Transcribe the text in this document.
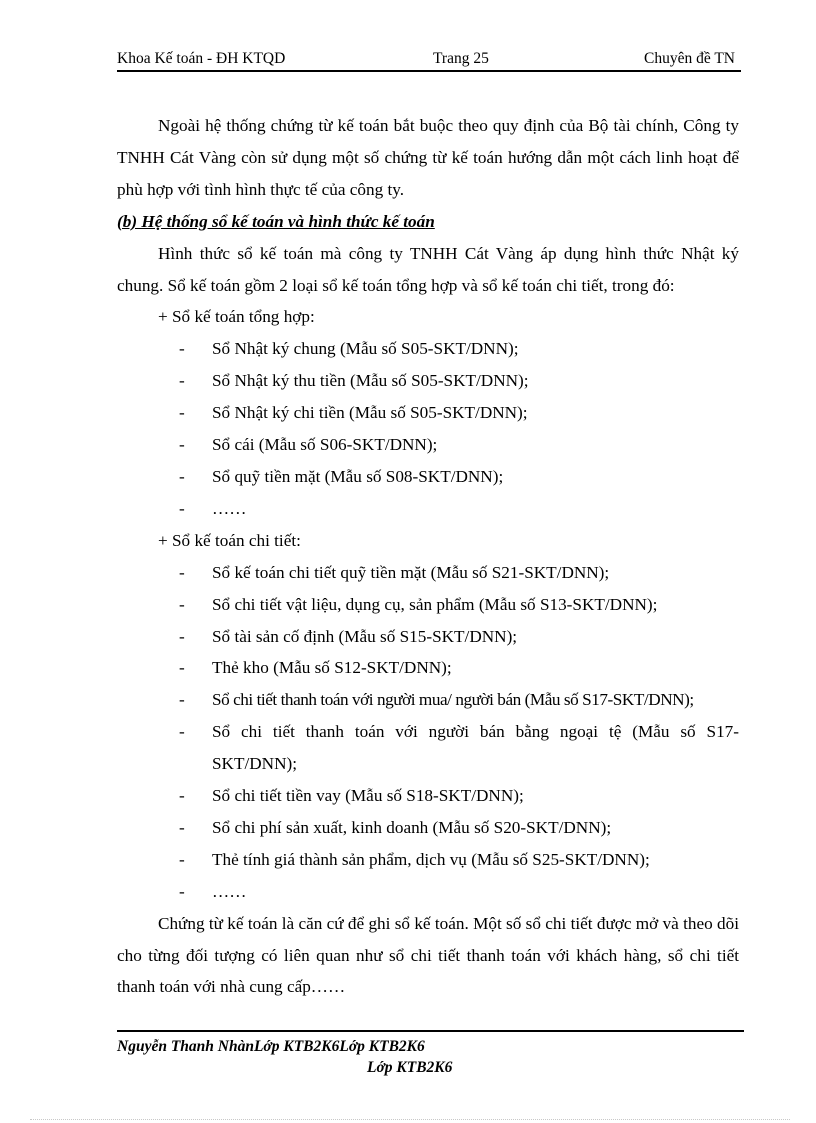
Khoa Kế toán - ĐH KTQD	Trang 25	Chuyên đề TN

Ngoài hệ thống chứng từ kế toán bắt buộc theo quy định của Bộ tài chính, Công ty TNHH Cát Vàng còn sử dụng một số chứng từ kế toán hướng dẫn một cách linh hoạt để phù hợp với tình hình thực tế của công ty.

(b) Hệ thống sổ kế toán và hình thức kế toán

Hình thức sổ kế toán mà công ty TNHH Cát Vàng áp dụng hình thức Nhật ký chung. Sổ kế toán gồm 2 loại sổ kế toán tổng hợp và sổ kế toán chi tiết, trong đó:

+ Sổ kế toán tổng hợp:

- Sổ Nhật ký chung (Mẫu số S05-SKT/DNN);

- Sổ Nhật ký thu tiền (Mẫu số S05-SKT/DNN);

- Sổ Nhật ký chi tiền (Mẫu số S05-SKT/DNN);

- Sổ cái (Mẫu số S06-SKT/DNN);

- Sổ quỹ tiền mặt (Mẫu số S08-SKT/DNN);

- ……

+ Sổ kế toán chi tiết:

- Sổ kế toán chi tiết quỹ tiền mặt (Mẫu số S21-SKT/DNN);

- Sổ chi tiết vật liệu, dụng cụ, sản phẩm (Mẫu số S13-SKT/DNN);

- Sổ tài sản cố định (Mẫu số S15-SKT/DNN);

- Thẻ kho (Mẫu số S12-SKT/DNN);

- Sổ chi tiết thanh toán với người mua/ người bán (Mẫu số S17-SKT/DNN);

- Sổ chi tiết thanh toán với người bán bằng ngoại tệ (Mẫu số S17-SKT/DNN);

- Sổ chi tiết tiền vay (Mẫu số S18-SKT/DNN);

- Sổ chi phí sản xuất, kinh doanh (Mẫu số S20-SKT/DNN);

- Thẻ tính giá thành sản phẩm, dịch vụ (Mẫu số S25-SKT/DNN);

- ……

Chứng từ kế toán là căn cứ để ghi sổ kế toán. Một số sổ chi tiết được mở và theo dõi cho từng đối tượng có liên quan như sổ chi tiết thanh toán với khách hàng, sổ chi tiết thanh toán với nhà cung cấp……

Nguyễn Thanh NhànLớp KTB2K6Lớp KTB2K6
Lớp KTB2K6
